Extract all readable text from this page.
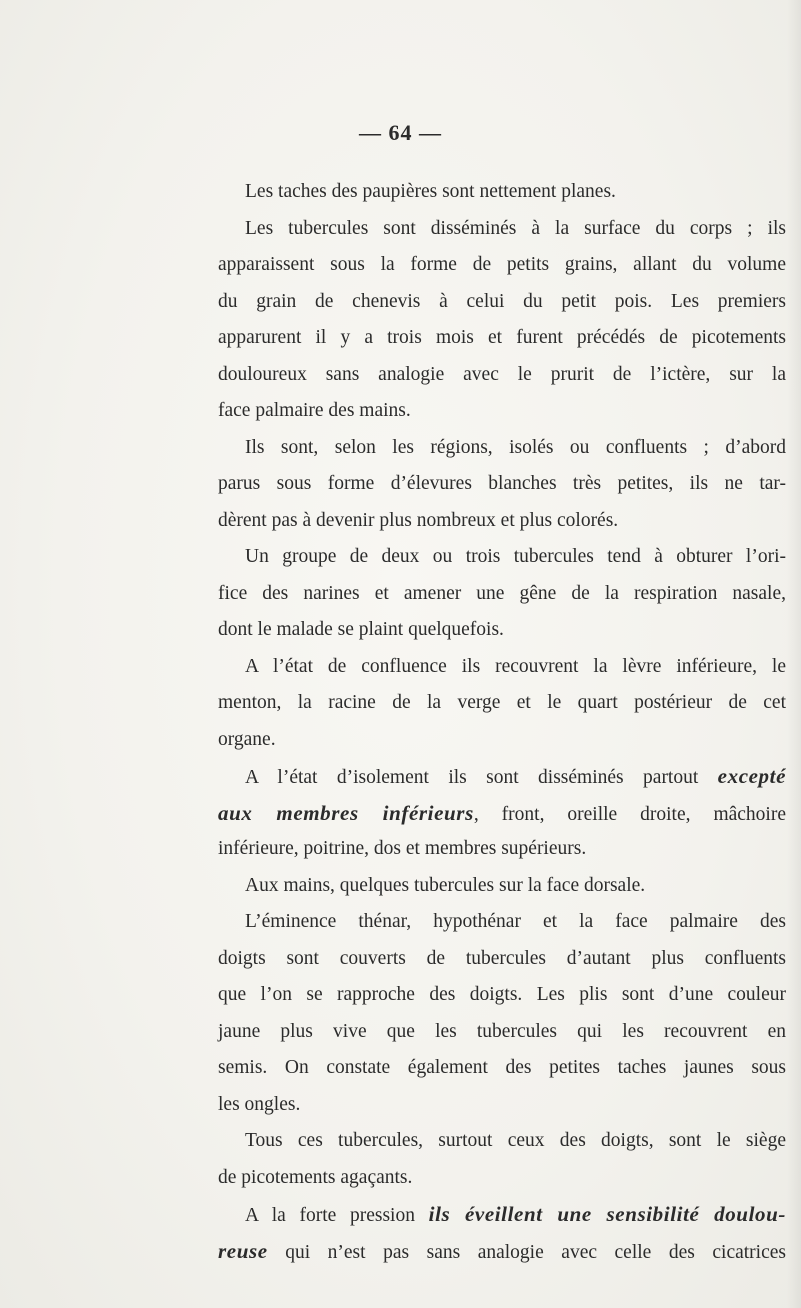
— 64 —
Les taches des paupières sont nettement planes.
Les tubercules sont disséminés à la surface du corps ; ils
apparaissent sous la forme de petits grains, allant du volume
du grain de chenevis à celui du petit pois. Les premiers
apparurent il y a trois mois et furent précédés de picotements
douloureux sans analogie avec le prurit de l’ictère, sur la
face palmaire des mains.
Ils sont, selon les régions, isolés ou confluents ; d’abord
parus sous forme d’élevures blanches très petites, ils ne tar-
dèrent pas à devenir plus nombreux et plus colorés.
Un groupe de deux ou trois tubercules tend à obturer l’ori-
fice des narines et amener une gêne de la respiration nasale,
dont le malade se plaint quelquefois.
A l’état de confluence ils recouvrent la lèvre inférieure, le
menton, la racine de la verge et le quart postérieur de cet
organe.
A l’état d’isolement ils sont disséminés partout excepté
aux membres inférieurs, front, oreille droite, mâchoire
inférieure, poitrine, dos et membres supérieurs.
Aux mains, quelques tubercules sur la face dorsale.
L’éminence thénar, hypothénar et la face palmaire des
doigts sont couverts de tubercules d’autant plus confluents
que l’on se rapproche des doigts. Les plis sont d’une couleur
jaune plus vive que les tubercules qui les recouvrent en
semis. On constate également des petites taches jaunes sous
les ongles.
Tous ces tubercules, surtout ceux des doigts, sont le siège
de picotements agaçants.
A la forte pression ils éveillent une sensibilité doulou-
reuse qui n’est pas sans analogie avec celle des cicatrices
